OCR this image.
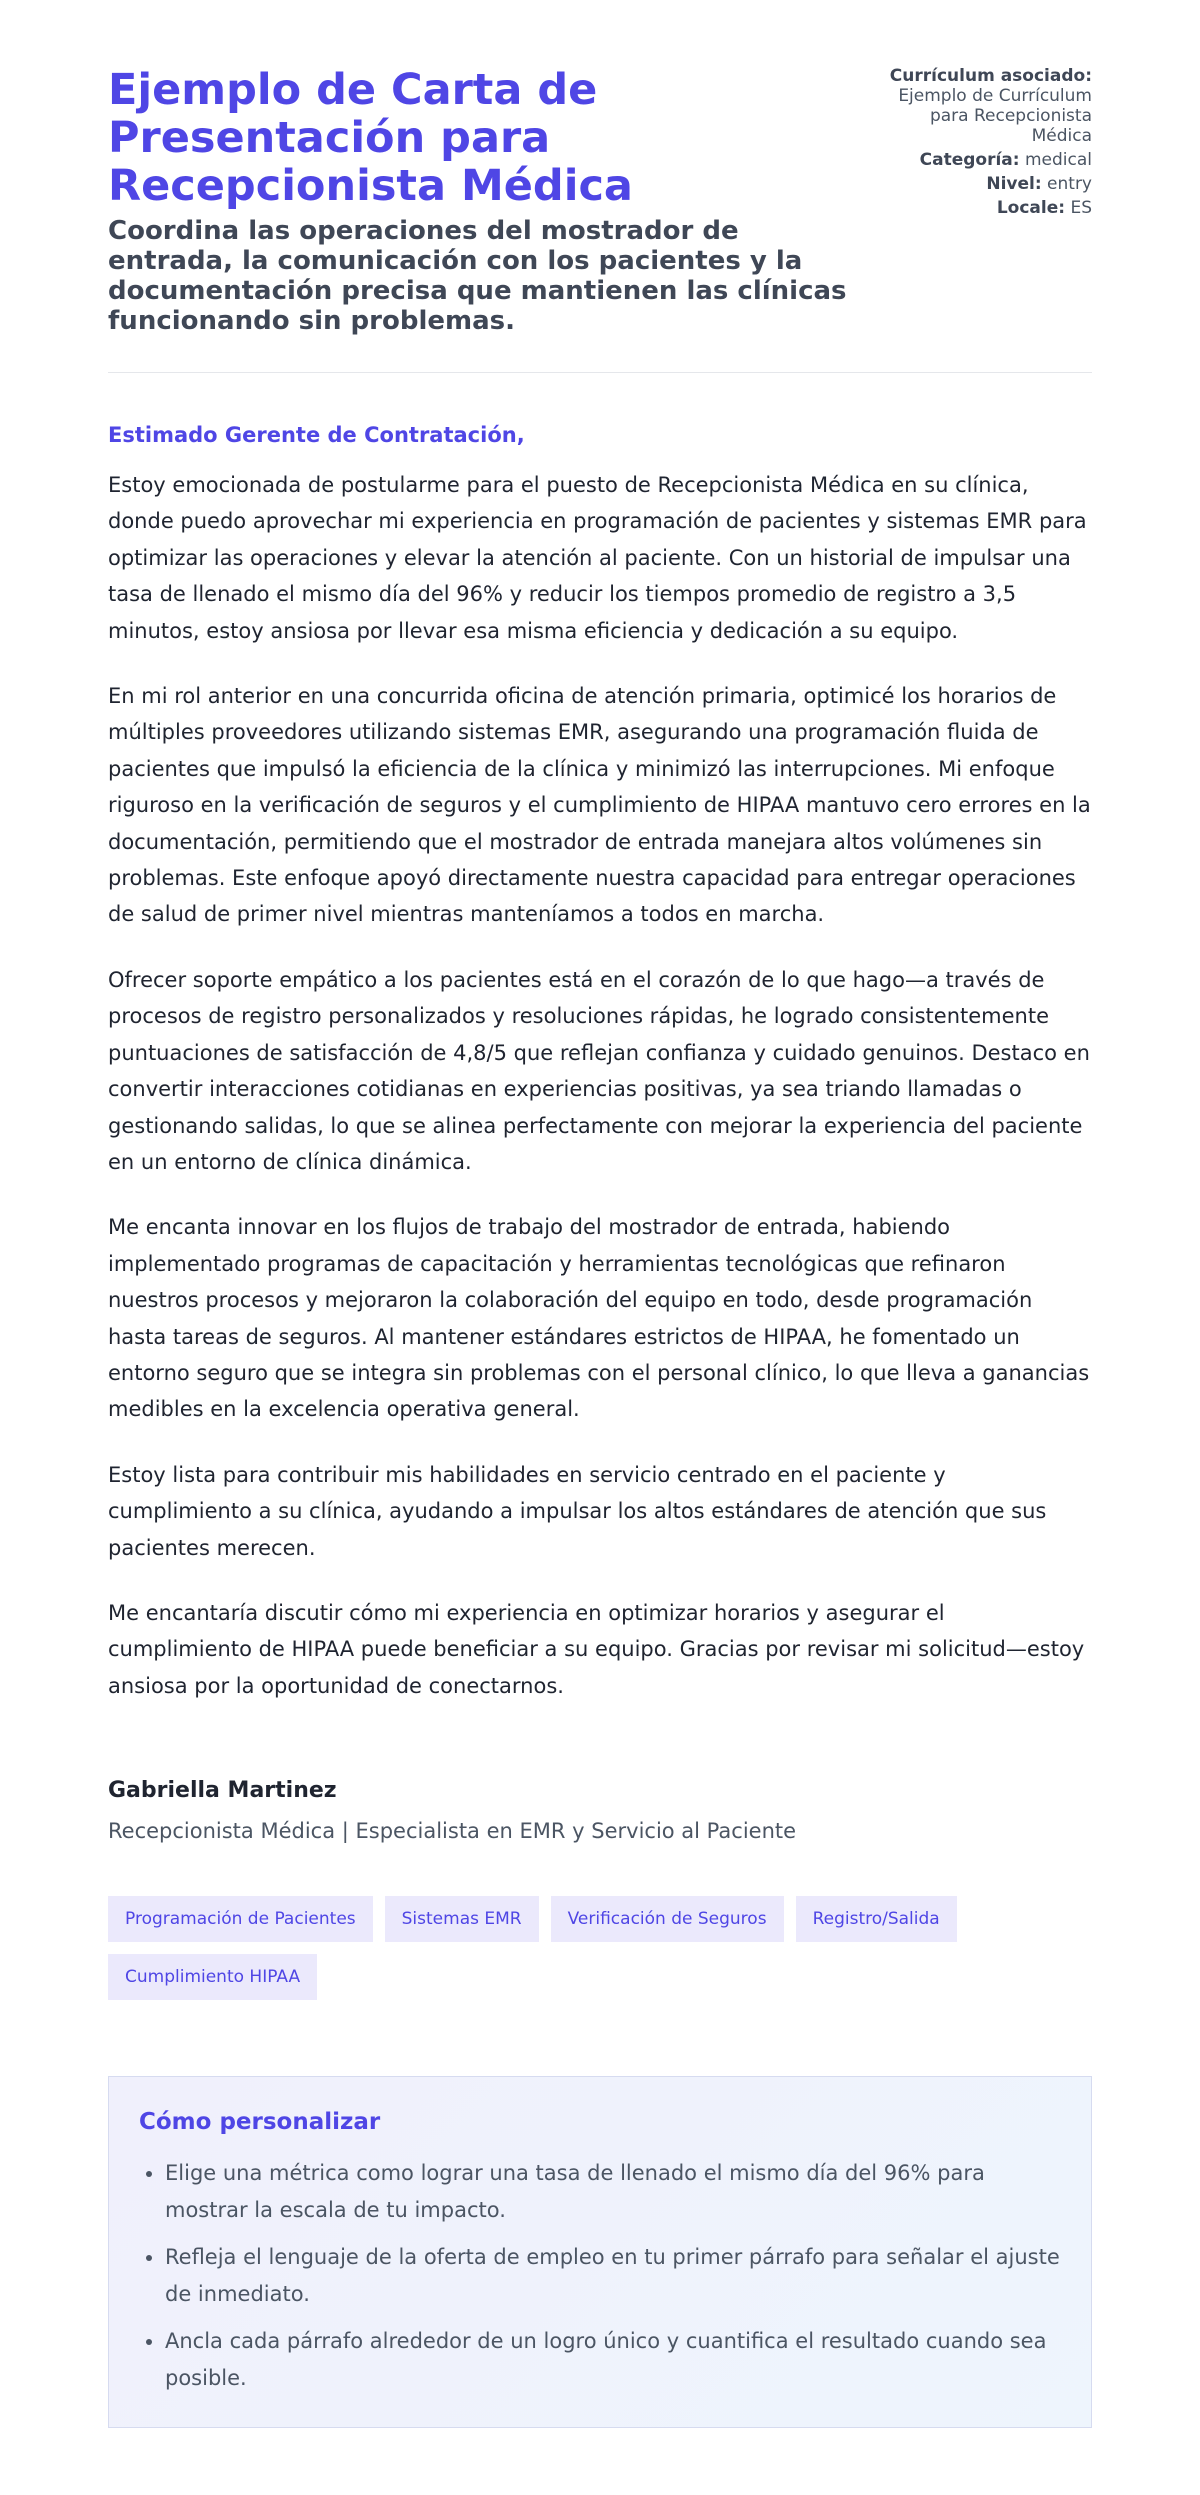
Ejemplo de Carta de Presentación para Recepcionista Médica

Coordina las operaciones del mostrador de entrada, la comunicación con los pacientes y la documentación precisa que mantienen las clínicas funcionando sin problemas.

Currículum asociado: Ejemplo de Currículum para Recepcionista Médica
Categoría: medical
Nivel: entry
Locale: ES
Estimado Gerente de Contratación,

Estoy emocionada de postularme para el puesto de Recepcionista Médica en su clínica, donde puedo aprovechar mi experiencia en programación de pacientes y sistemas EMR para optimizar las operaciones y elevar la atención al paciente. Con un historial de impulsar una tasa de llenado el mismo día del 96% y reducir los tiempos promedio de registro a 3,5 minutos, estoy ansiosa por llevar esa misma eficiencia y dedicación a su equipo.

En mi rol anterior en una concurrida oficina de atención primaria, optimicé los horarios de múltiples proveedores utilizando sistemas EMR, asegurando una programación fluida de pacientes que impulsó la eficiencia de la clínica y minimizó las interrupciones. Mi enfoque riguroso en la verificación de seguros y el cumplimiento de HIPAA mantuvo cero errores en la documentación, permitiendo que el mostrador de entrada manejara altos volúmenes sin problemas. Este enfoque apoyó directamente nuestra capacidad para entregar operaciones de salud de primer nivel mientras manteníamos a todos en marcha.

Ofrecer soporte empático a los pacientes está en el corazón de lo que hago—a través de procesos de registro personalizados y resoluciones rápidas, he logrado consistentemente puntuaciones de satisfacción de 4,8/5 que reflejan confianza y cuidado genuinos. Destaco en convertir interacciones cotidianas en experiencias positivas, ya sea triando llamadas o gestionando salidas, lo que se alinea perfectamente con mejorar la experiencia del paciente en un entorno de clínica dinámica.

Me encanta innovar en los flujos de trabajo del mostrador de entrada, habiendo implementado programas de capacitación y herramientas tecnológicas que refinaron nuestros procesos y mejoraron la colaboración del equipo en todo, desde programación hasta tareas de seguros. Al mantener estándares estrictos de HIPAA, he fomentado un entorno seguro que se integra sin problemas con el personal clínico, lo que lleva a ganancias medibles en la excelencia operativa general.

Estoy lista para contribuir mis habilidades en servicio centrado en el paciente y cumplimiento a su clínica, ayudando a impulsar los altos estándares de atención que sus pacientes merecen.

Me encantaría discutir cómo mi experiencia en optimizar horarios y asegurar el cumplimiento de HIPAA puede beneficiar a su equipo. Gracias por revisar mi solicitud—estoy ansiosa por la oportunidad de conectarnos.

Gabriella Martinez
Recepcionista Médica | Especialista en EMR y Servicio al Paciente
Programación de Pacientes	Sistemas EMR	Verificación de Seguros	Registro/Salida
Cumplimiento HIPAA
Cómo personalizar
• Elige una métrica como lograr una tasa de llenado el mismo día del 96% para mostrar la escala de tu impacto.
• Refleja el lenguaje de la oferta de empleo en tu primer párrafo para señalar el ajuste de inmediato.
• Ancla cada párrafo alrededor de un logro único y cuantifica el resultado cuando sea posible.
